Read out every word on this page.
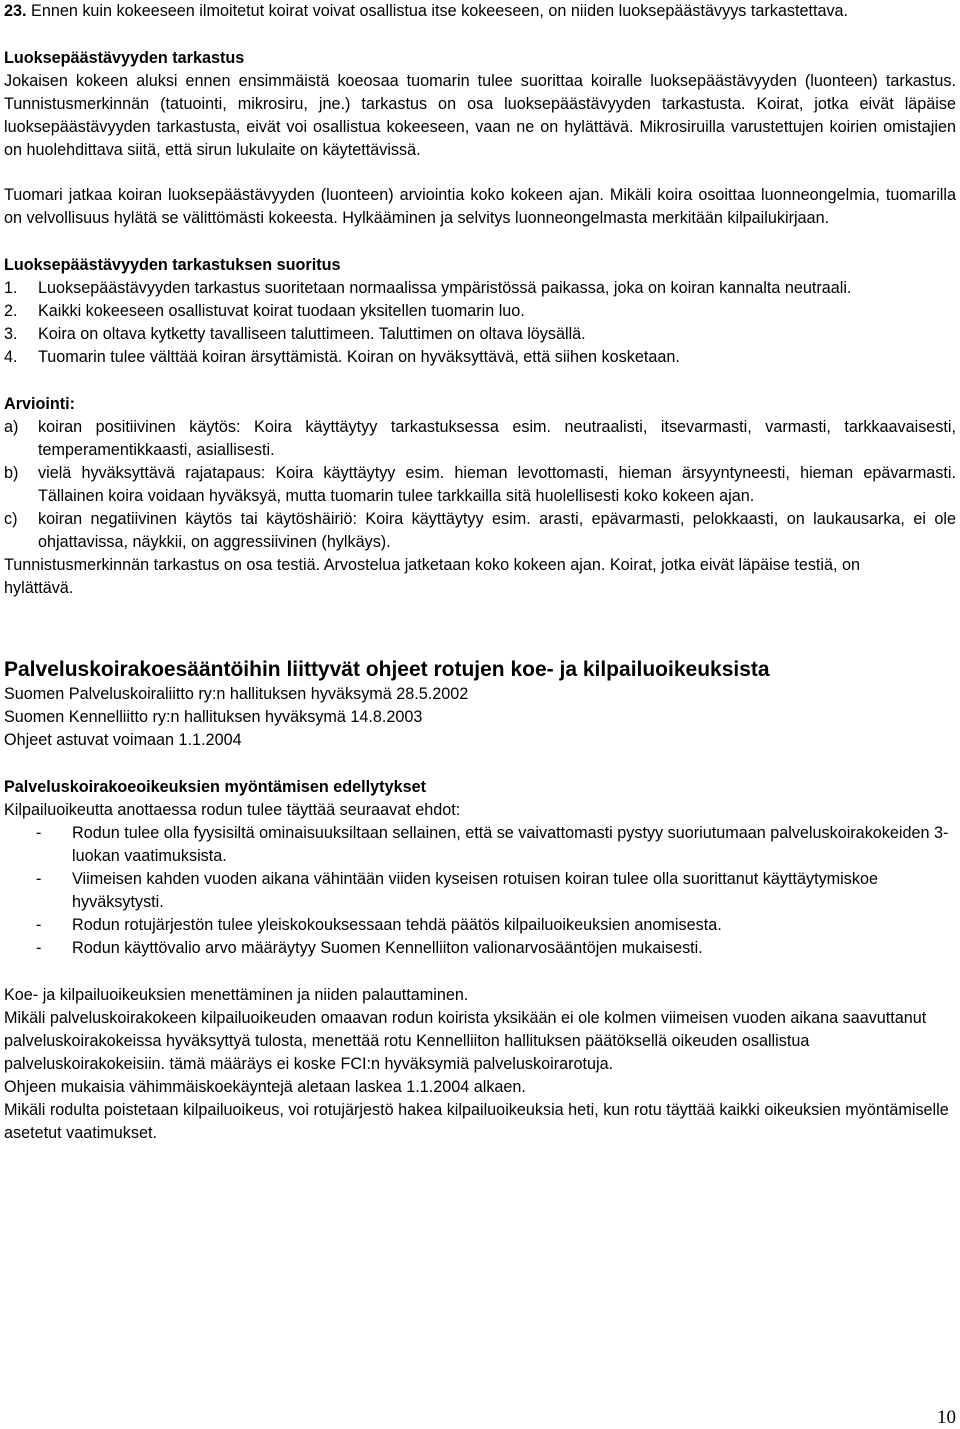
23. Ennen kuin kokeeseen ilmoitetut koirat voivat osallistua itse kokeeseen, on niiden luoksepäästävyys tarkastettava.

Luoksepäästävyyden tarkastus

Jokaisen kokeen aluksi ennen ensimmäistä koeosaa tuomarin tulee suorittaa koiralle luoksepäästävyyden (luonteen) tarkastus. Tunnistusmerkinnän (tatuointi, mikrosiru, jne.) tarkastus on osa luoksepäästävyyden tarkastusta. Koirat, jotka eivät läpäise luoksepäästävyyden tarkastusta, eivät voi osallistua kokeeseen, vaan ne on hylättävä. Mikrosiruilla varustettujen koirien omistajien on huolehdittava siitä, että sirun lukulaite on käytettävissä.

Tuomari jatkaa koiran luoksepäästävyyden (luonteen) arviointia koko kokeen ajan. Mikäli koira osoittaa luonneongelmia, tuomarilla on velvollisuus hylätä se välittömästi kokeesta. Hylkääminen ja selvitys luonneongelmasta merkitään kilpailukirjaan.

Luoksepäästävyyden tarkastuksen suoritus

1.	Luoksepäästävyyden tarkastus suoritetaan normaalissa ympäristössä paikassa, joka on koiran kannalta neutraali.
2.	Kaikki kokeeseen osallistuvat koirat tuodaan yksitellen tuomarin luo.
3.	Koira on oltava kytketty tavalliseen taluttimeen. Taluttimen on oltava löysällä.
4.	Tuomarin tulee välttää koiran ärsyttämistä. Koiran on hyväksyttävä, että siihen kosketaan.

Arviointi:

a)	koiran positiivinen käytös: Koira käyttäytyy tarkastuksessa esim. neutraalisti, itsevarmasti, varmasti, tarkkaavaisesti, temperamentikkaasti, asiallisesti.
b)	vielä hyväksyttävä rajatapaus: Koira käyttäytyy esim. hieman levottomasti, hieman ärsyyntyneesti, hieman epävarmasti. Tällainen koira voidaan hyväksyä, mutta tuomarin tulee tarkkailla sitä huolellisesti koko kokeen ajan.
c)	koiran negatiivinen käytös tai käytöshäiriö: Koira käyttäytyy esim. arasti, epävarmasti, pelokkaasti, on laukausarka, ei ole ohjattavissa, näykkii, on aggressiivinen (hylkäys).

Tunnistusmerkinnän tarkastus on osa testiä. Arvostelua jatketaan koko kokeen ajan. Koirat, jotka eivät läpäise testiä, on hylättävä.

Palveluskoirakoesääntöihin liittyvät ohjeet rotujen koe- ja kilpailuoikeuksista

Suomen Palveluskoiraliitto ry:n hallituksen hyväksymä 28.5.2002

Suomen Kennelliitto ry:n hallituksen hyväksymä 14.8.2003

Ohjeet astuvat voimaan 1.1.2004

Palveluskoirakoeoikeuksien myöntämisen edellytykset

Kilpailuoikeutta anottaessa rodun tulee täyttää seuraavat ehdot:

-	Rodun tulee olla fyysisiltä ominaisuuksiltaan sellainen, että se vaivattomasti pystyy suoriutumaan palveluskoirakokeiden 3-luokan vaatimuksista.
-	Viimeisen kahden vuoden aikana vähintään viiden kyseisen rotuisen koiran tulee olla suorittanut käyttäytymiskoe hyväksytysti.
-	Rodun rotujärjestön tulee yleiskokouksessaan tehdä päätös kilpailuoikeuksien anomisesta.
-	Rodun käyttövalio arvo määräytyy Suomen Kennelliiton valionarvosääntöjen mukaisesti.

Koe- ja kilpailuoikeuksien menettäminen ja niiden palauttaminen.

Mikäli palveluskoirakokeen kilpailuoikeuden omaavan rodun koirista yksikään ei ole kolmen viimeisen vuoden aikana saavuttanut palveluskoirakokeissa hyväksyttyä tulosta, menettää rotu Kennelliiton hallituksen päätöksellä oikeuden osallistua palveluskoirakokeisiin. tämä määräys ei koske FCI:n hyväksymiä palveluskoirarotuja.

Ohjeen mukaisia vähimmäiskoekäyntejä aletaan laskea 1.1.2004 alkaen.

Mikäli rodulta poistetaan kilpailuoikeus, voi rotujärjestö hakea kilpailuoikeuksia heti, kun rotu täyttää kaikki oikeuksien myöntämiselle asetetut vaatimukset.

10
